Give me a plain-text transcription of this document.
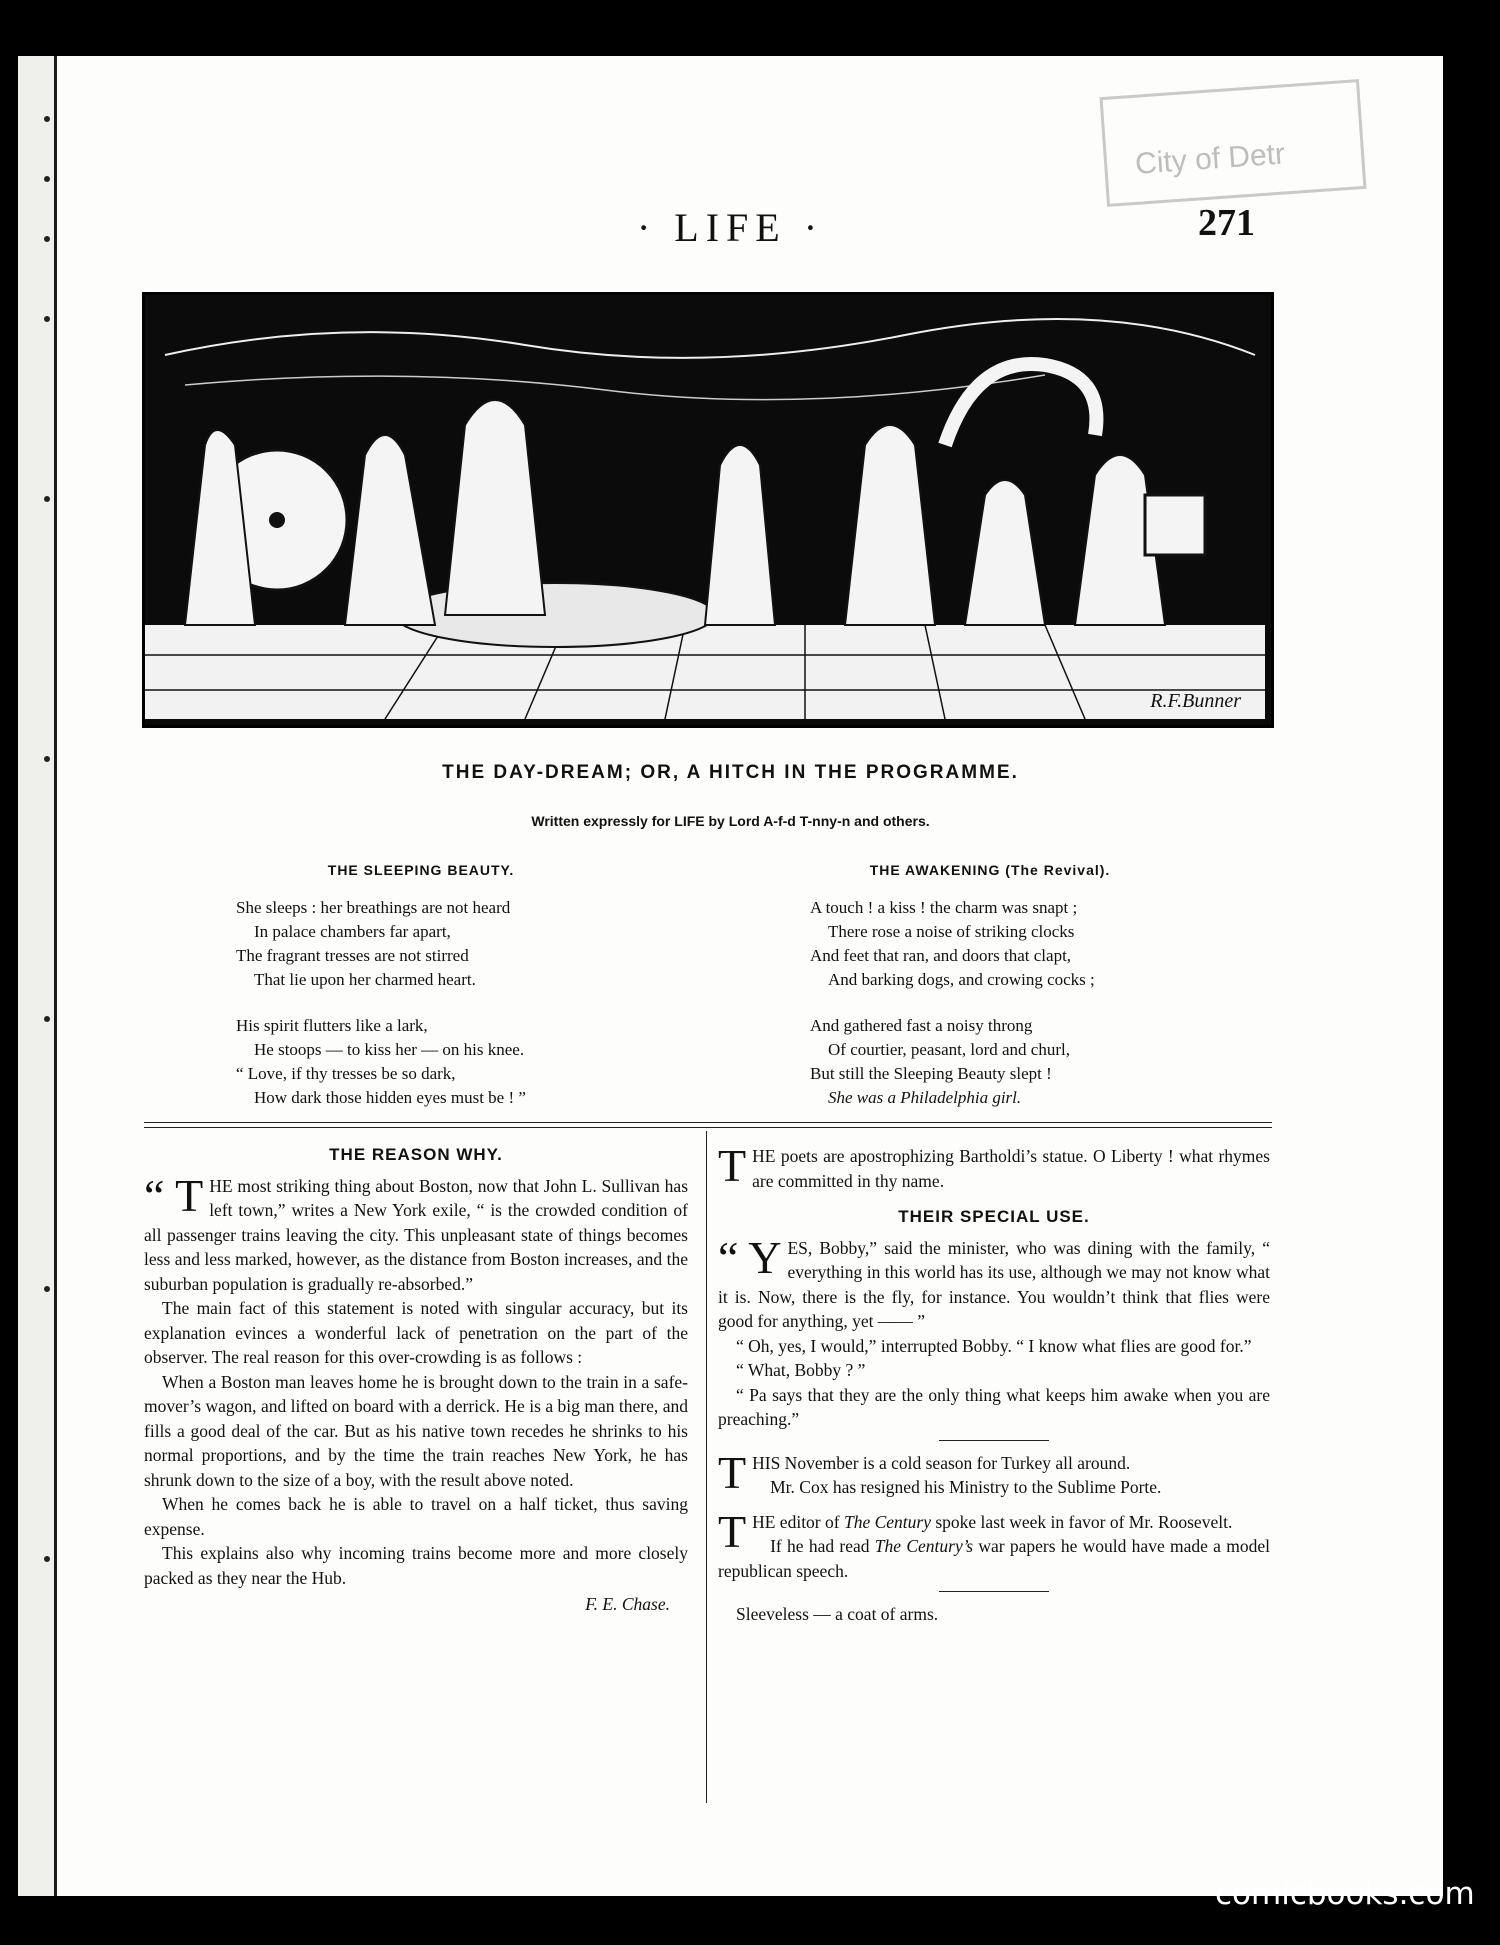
City of Detr
· LIFE ·	271
R.F.Bunner
THE DAY-DREAM; OR, A HITCH IN THE PROGRAMME.
Written expressly for LIFE by Lord A-f-d T-nny-n and others.
THE SLEEPING BEAUTY.
She sleeps : her breathings are not heard
In palace chambers far apart,
The fragrant tresses are not stirred
That lie upon her charmed heart.
His spirit flutters like a lark,
He stoops — to kiss her — on his knee.
“ Love, if thy tresses be so dark,
How dark those hidden eyes must be ! ”
THE AWAKENING (The Revival).
A touch ! a kiss ! the charm was snapt ;
There rose a noise of striking clocks
And feet that ran, and doors that clapt,
And barking dogs, and crowing cocks ;
And gathered fast a noisy throng
Of courtier, peasant, lord and churl,
But still the Sleeping Beauty slept !
She was a Philadelphia girl.
THE REASON WHY.

“ T HE most striking thing about Boston, now that John L. Sullivan has left town,” writes a New York exile, “ is the crowded condition of all passenger trains leaving the city. This unpleasant state of things becomes less and less marked, however, as the distance from Boston increases, and the suburban population is gradually re-absorbed.”

The main fact of this statement is noted with singular accuracy, but its explanation evinces a wonderful lack of penetration on the part of the observer. The real reason for this over-crowding is as follows :

When a Boston man leaves home he is brought down to the train in a safe-mover’s wagon, and lifted on board with a derrick. He is a big man there, and fills a good deal of the car. But as his native town recedes he shrinks to his normal proportions, and by the time the train reaches New York, he has shrunk down to the size of a boy, with the result above noted.

When he comes back he is able to travel on a half ticket, thus saving expense.

This explains also why incoming trains become more and more closely packed as they near the Hub.

F. E. Chase.

THE poets are apostrophizing Bartholdi’s statue. O Liberty ! what rhymes are committed in thy name.

THEIR SPECIAL USE.

“ Y ES, Bobby,” said the minister, who was dining with the family, “ everything in this world has its use, although we may not know what it is. Now, there is the fly, for instance. You wouldn’t think that flies were good for anything, yet —— ”

“ Oh, yes, I would,” interrupted Bobby. “ I know what flies are good for.”

“ What, Bobby ? ”

“ Pa says that they are the only thing what keeps him awake when you are preaching.”

THIS November is a cold season for Turkey all around.

Mr. Cox has resigned his Ministry to the Sublime Porte.

THE editor of The Century spoke last week in favor of Mr. Roosevelt.

If he had read The Century’s war papers he would have made a model republican speech.

Sleeveless — a coat of arms.

comicbooks.com
